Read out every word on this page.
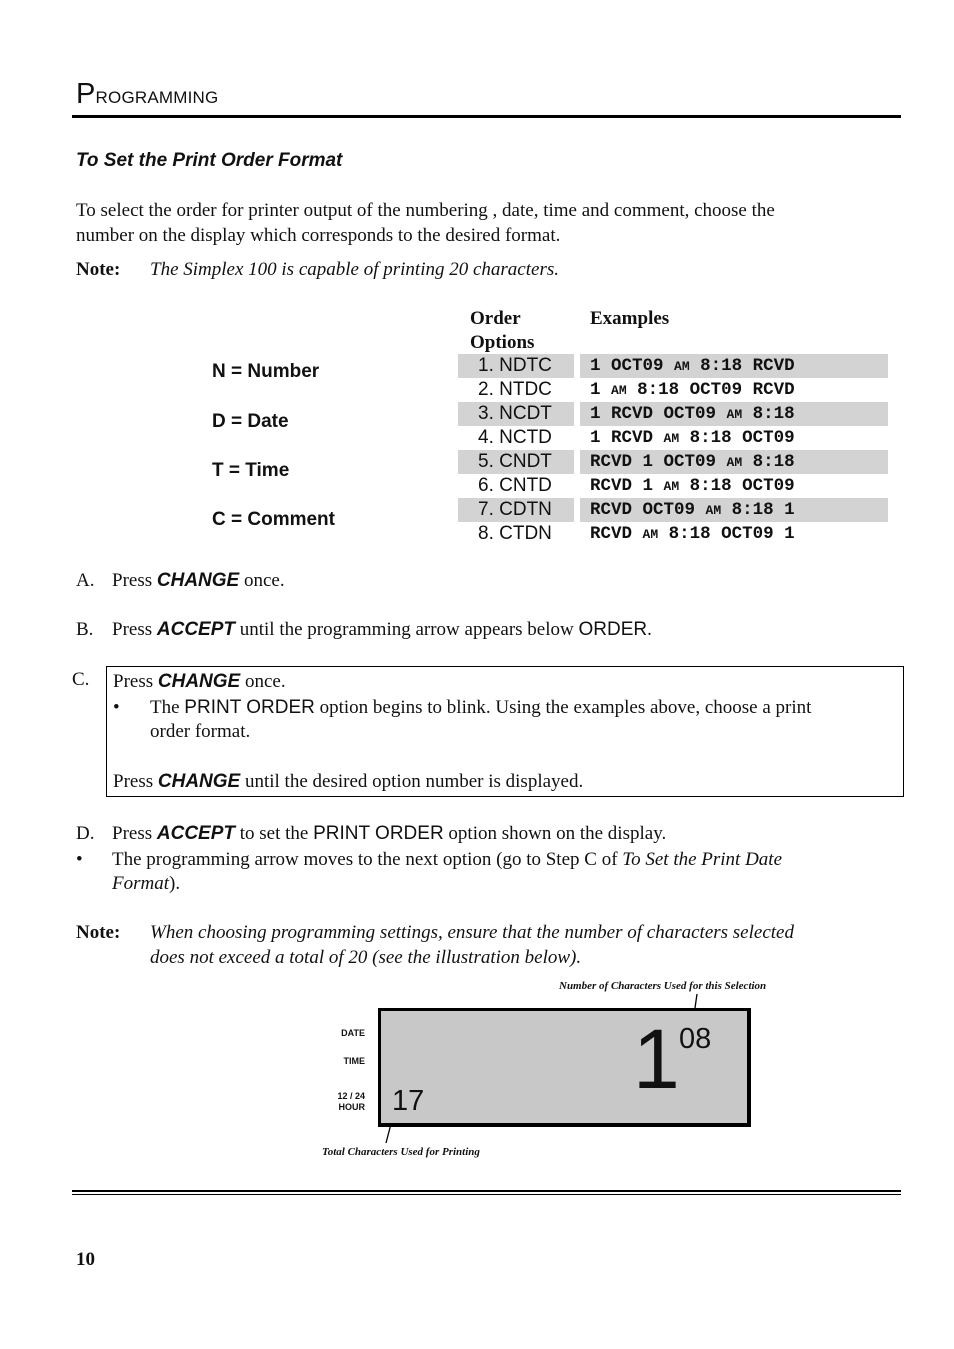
PROGRAMMING
To Set the Print Order Format
To select the order for printer output of the numbering , date, time and comment, choose the
number on the display which corresponds to the desired format.
Note: The Simplex 100 is capable of printing 20 characters.
Order
Options
Examples
N = Number
D = Date
T = Time
C = Comment
1. NDTC 1 OCT09 AM 8:18 RCVD
2. NTDC 1 AM 8:18 OCT09 RCVD
3. NCDT 1 RCVD OCT09 AM 8:18
4. NCTD 1 RCVD AM 8:18 OCT09
5. CNDT RCVD 1 OCT09 AM 8:18
6. CNTD RCVD 1 AM 8:18 OCT09
7. CDTN RCVD OCT09 AM 8:18 1
8. CTDN RCVD AM 8:18 OCT09 1
A. Press CHANGE once.
B. Press ACCEPT until the programming arrow appears below ORDER.
C. Press CHANGE once.
• The PRINT ORDER option begins to blink. Using the examples above, choose a print
order format.
Press CHANGE until the desired option number is displayed.
D. Press ACCEPT to set the PRINT ORDER option shown on the display.
• The programming arrow moves to the next option (go to Step C of To Set the Print Date
Format).
Note: When choosing programming settings, ensure that the number of characters selected
does not exceed a total of 20 (see the illustration below).
Number of Characters Used for this Selection
DATE
TIME
12 / 24
HOUR
1 08
17
Total Characters Used for Printing
10
